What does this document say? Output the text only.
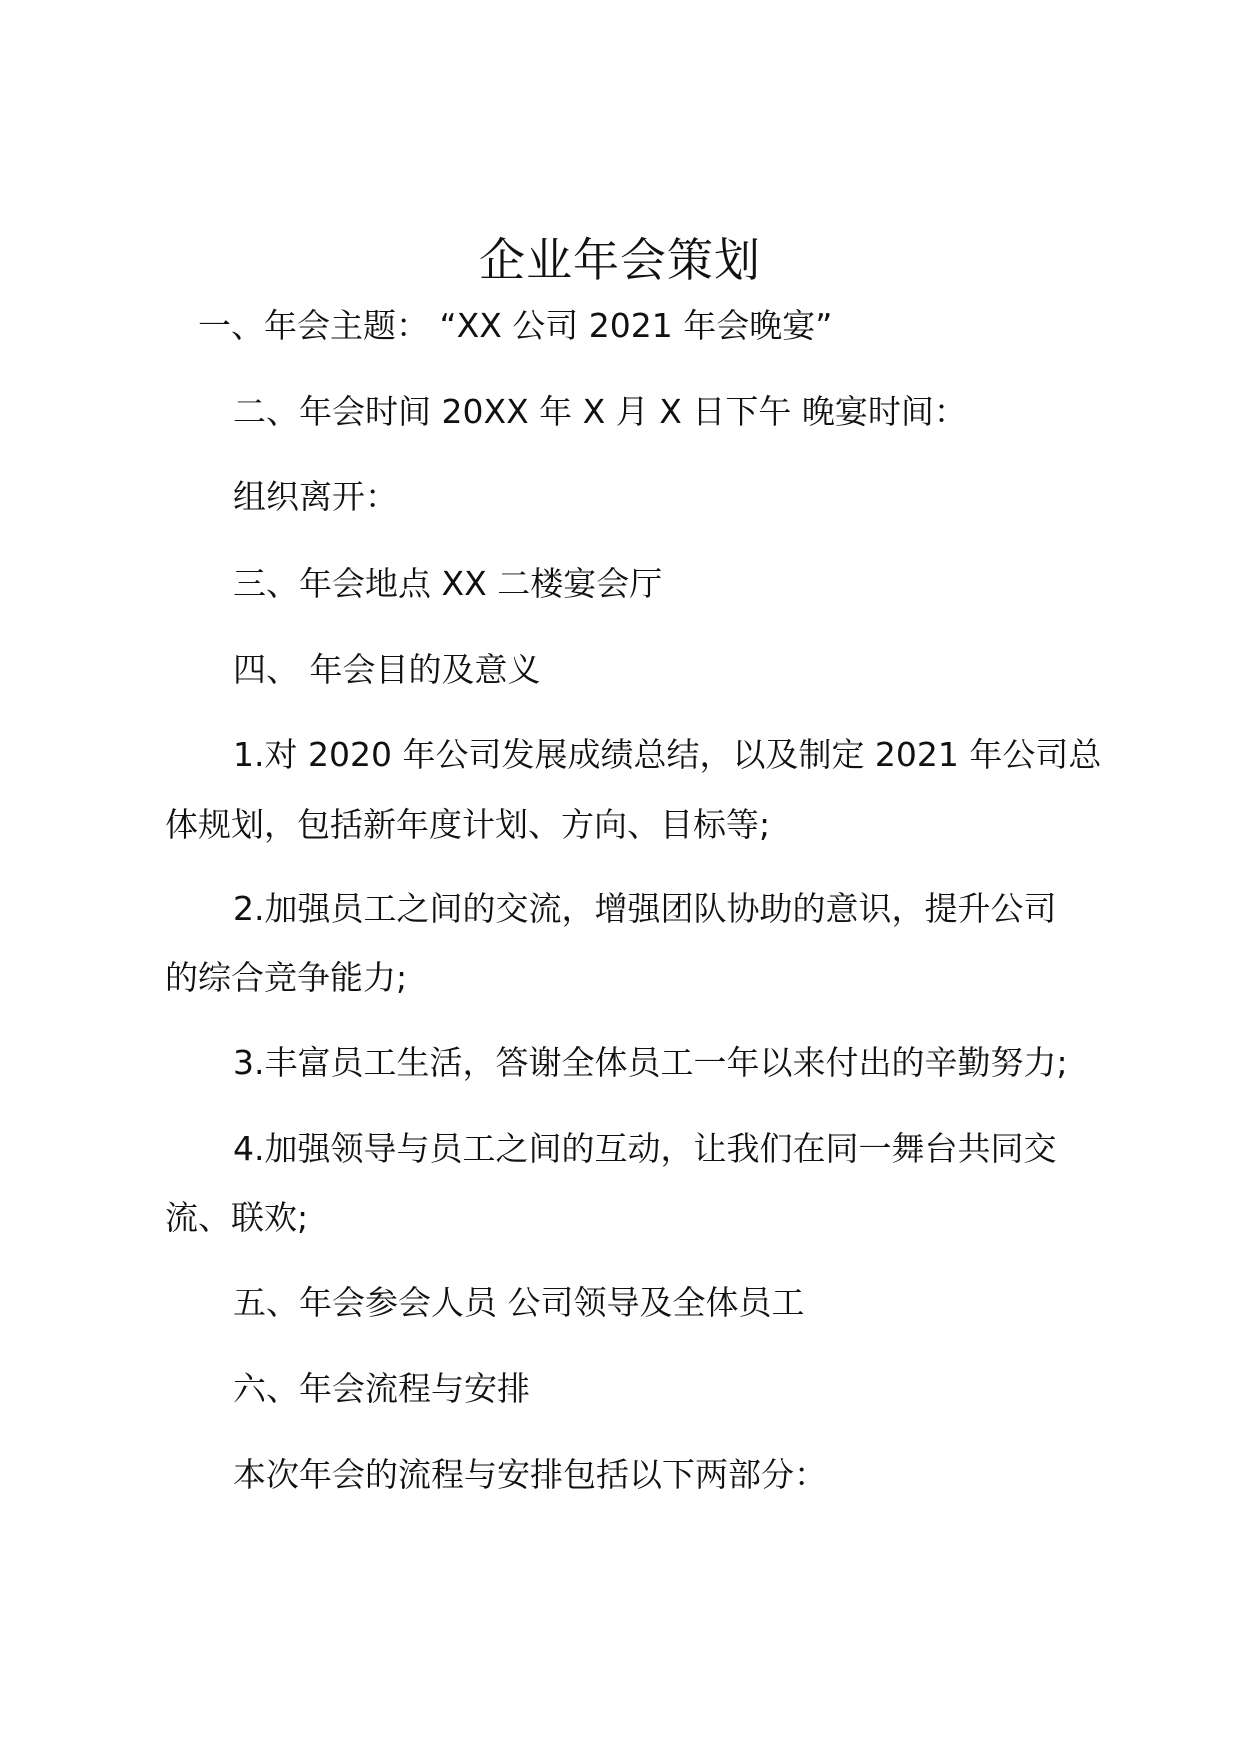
企业年会策划
一、年会主题： “XX 公司 2021 年会晚宴”
二、年会时间 20XX 年 X 月 X 日下午 晚宴时间：
组织离开：
三、年会地点 XX 二楼宴会厅
四、 年会目的及意义
1.对 2020 年公司发展成绩总结，以及制定 2021 年公司总
体规划，包括新年度计划、方向、目标等;
2.加强员工之间的交流，增强团队协助的意识，提升公司
的综合竞争能力;
3.丰富员工生活，答谢全体员工一年以来付出的辛勤努力;
4.加强领导与员工之间的互动，让我们在同一舞台共同交
流、联欢;
五、年会参会人员 公司领导及全体员工
六、年会流程与安排
本次年会的流程与安排包括以下两部分：
